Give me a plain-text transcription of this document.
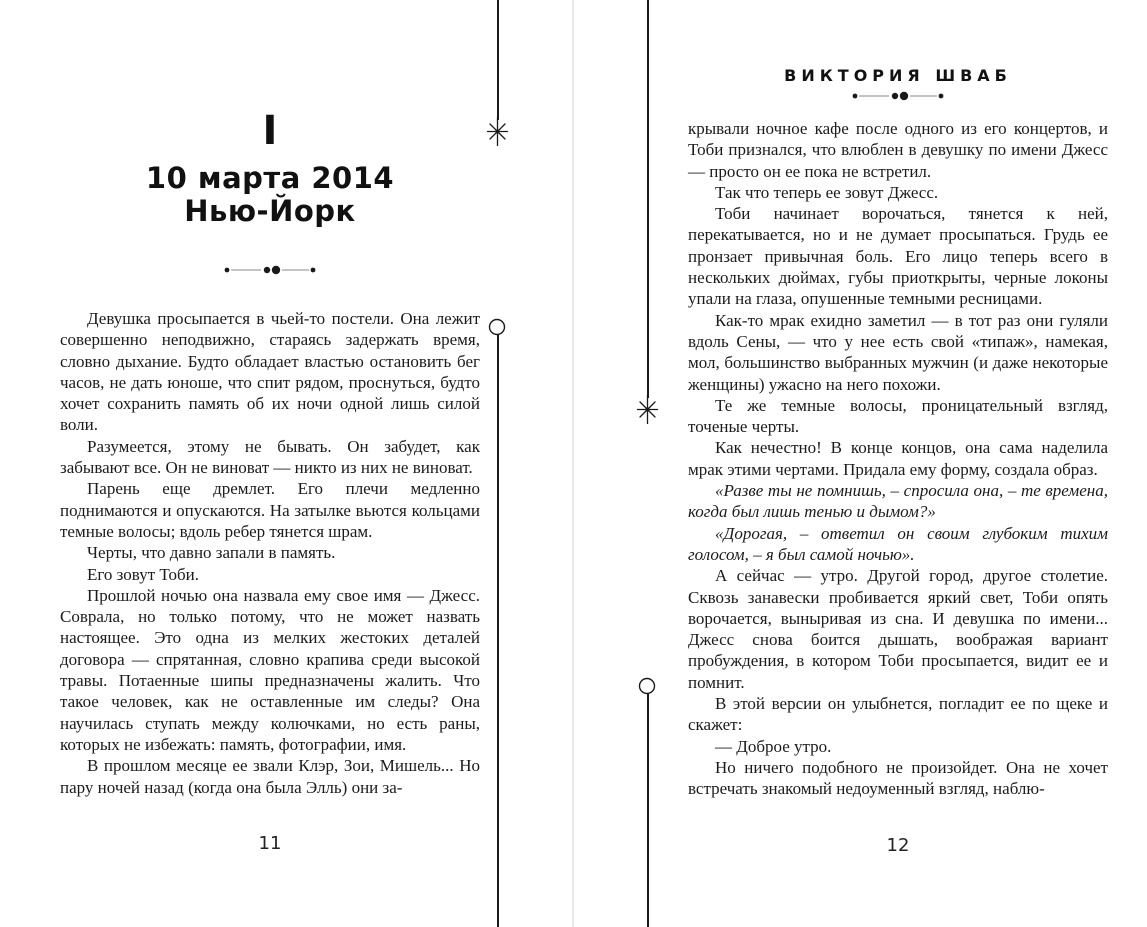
I
10 марта 2014
Нью-Йорк

Девушка просыпается в чьей-то постели. Она лежит совершенно неподвижно, стараясь задержать время, словно дыхание. Будто обладает властью остановить бег часов, не дать юноше, что спит рядом, проснуться, будто хочет сохранить память об их ночи одной лишь силой воли.

Разумеется, этому не бывать. Он забудет, как забывают все. Он не виноват — никто из них не виноват.

Парень еще дремлет. Его плечи медленно поднимаются и опускаются. На затылке вьются кольцами темные волосы; вдоль ребер тянется шрам.

Черты, что давно запали в память.

Его зовут Тоби.

Прошлой ночью она назвала ему свое имя — Джесс. Соврала, но только потому, что не может назвать настоящее. Это одна из мелких жестоких деталей договора — спрятанная, словно крапива среди высокой травы. Потаенные шипы предназначены жалить. Что такое человек, как не оставленные им следы? Она научилась ступать между колючками, но есть раны, которых не избежать: память, фотографии, имя.

В прошлом месяце ее звали Клэр, Зои, Мишель... Но пару ночей назад (когда она была Элль) они за-

11
ВИКТОРИЯ ШВАБ

крывали ночное кафе после одного из его концертов, и Тоби признался, что влюблен в девушку по имени Джесс — просто он ее пока не встретил.

Так что теперь ее зовут Джесс.

Тоби начинает ворочаться, тянется к ней, перекатывается, но и не думает просыпаться. Грудь ее пронзает привычная боль. Его лицо теперь всего в нескольких дюймах, губы приоткрыты, черные локоны упали на глаза, опушенные темными ресницами.

Как-то мрак ехидно заметил — в тот раз они гуляли вдоль Сены, — что у нее есть свой «типаж», намекая, мол, большинство выбранных мужчин (и даже некоторые женщины) ужасно на него похожи.

Те же темные волосы, проницательный взгляд, точеные черты.

Как нечестно! В конце концов, она сама наделила мрак этими чертами. Придала ему форму, создала образ.

«Разве ты не помнишь, – спросила она, – те времена, когда был лишь тенью и дымом?»

«Дорогая, – ответил он своим глубоким тихим голосом, – я был самой ночью».

А сейчас — утро. Другой город, другое столетие. Сквозь занавески пробивается яркий свет, Тоби опять ворочается, выныривая из сна. И девушка по имени... Джесс снова боится дышать, воображая вариант пробуждения, в котором Тоби просыпается, видит ее и помнит.

В этой версии он улыбнется, погладит ее по щеке и скажет:

— Доброе утро.

Но ничего подобного не произойдет. Она не хочет встречать знакомый недоуменный взгляд, наблю-

12
